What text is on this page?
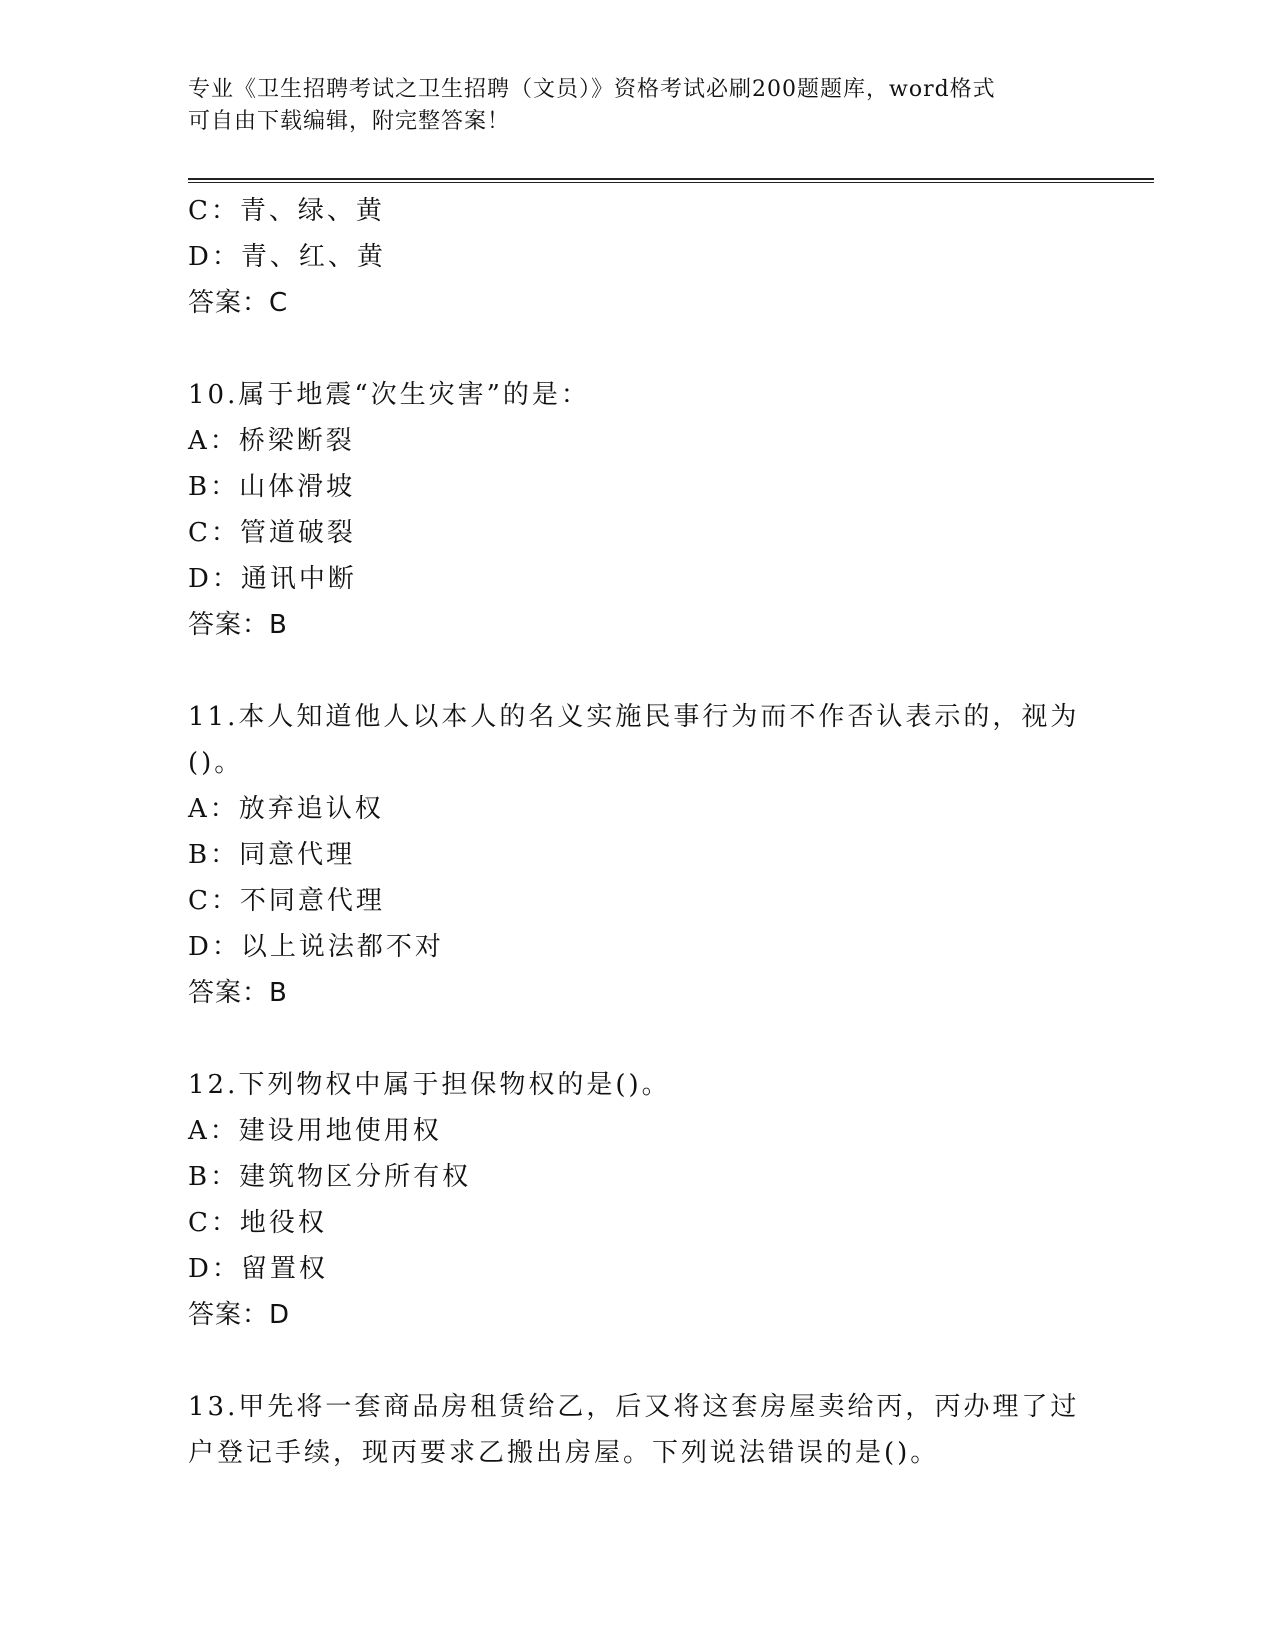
专业《卫生招聘考试之卫生招聘（文员）》资格考试必刷200题题库，word格式
可自由下载编辑，附完整答案！
C：青、绿、黄
D：青、红、黄
答案：C
10.属于地震“次生灾害”的是：
A：桥梁断裂
B：山体滑坡
C：管道破裂
D：通讯中断
答案：B
11.本人知道他人以本人的名义实施民事行为而不作否认表示的，视为
()。
A：放弃追认权
B：同意代理
C：不同意代理
D：以上说法都不对
答案：B
12.下列物权中属于担保物权的是()。
A：建设用地使用权
B：建筑物区分所有权
C：地役权
D：留置权
答案：D
13.甲先将一套商品房租赁给乙，后又将这套房屋卖给丙，丙办理了过
户登记手续，现丙要求乙搬出房屋。下列说法错误的是()。
